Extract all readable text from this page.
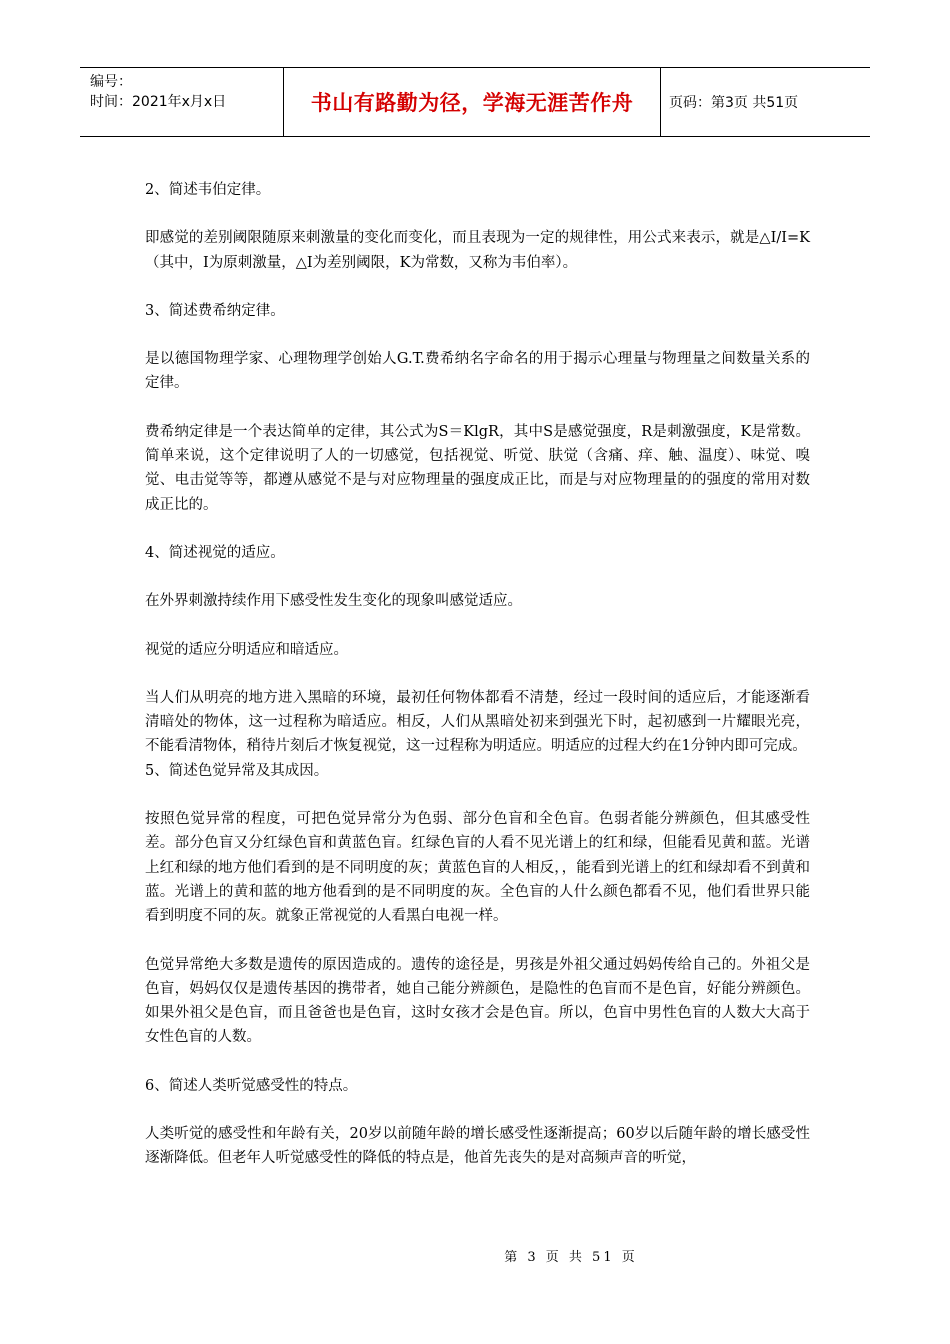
编号：
时间：2021年x月x日	书山有路勤为径，学海无涯苦作舟	页码：第3页 共51页

2、简述韦伯定律。

即感觉的差别阈限随原来刺激量的变化而变化，而且表现为一定的规律性，用公式来表示，就是△I/I=K（其中，I为原刺激量，△I为差别阈限，K为常数，又称为韦伯率）。

3、简述费希纳定律。

是以德国物理学家、心理物理学创始人G.T.费希纳名字命名的用于揭示心理量与物理量之间数量关系的定律。

费希纳定律是一个表达简单的定律，其公式为S＝KlgR，其中S是感觉强度，R是刺激强度，K是常数。简单来说，这个定律说明了人的一切感觉，包括视觉、听觉、肤觉（含痛、痒、触、温度）、味觉、嗅觉、电击觉等等，都遵从感觉不是与对应物理量的强度成正比，而是与对应物理量的的强度的常用对数成正比的。

4、简述视觉的适应。

在外界刺激持续作用下感受性发生变化的现象叫感觉适应。

视觉的适应分明适应和暗适应。

当人们从明亮的地方进入黑暗的环境，最初任何物体都看不清楚，经过一段时间的适应后，才能逐渐看清暗处的物体，这一过程称为暗适应。相反，人们从黑暗处初来到强光下时，起初感到一片耀眼光亮，不能看清物体，稍待片刻后才恢复视觉，这一过程称为明适应。明适应的过程大约在1分钟内即可完成。

5、简述色觉异常及其成因。

按照色觉异常的程度，可把色觉异常分为色弱、部分色盲和全色盲。色弱者能分辨颜色，但其感受性差。部分色盲又分红绿色盲和黄蓝色盲。红绿色盲的人看不见光谱上的红和绿，但能看见黄和蓝。光谱上红和绿的地方他们看到的是不同明度的灰；黄蓝色盲的人相反，，能看到光谱上的红和绿却看不到黄和蓝。光谱上的黄和蓝的地方他看到的是不同明度的灰。全色盲的人什么颜色都看不见，他们看世界只能看到明度不同的灰。就象正常视觉的人看黑白电视一样。

色觉异常绝大多数是遗传的原因造成的。遗传的途径是，男孩是外祖父通过妈妈传给自己的。外祖父是色盲，妈妈仅仅是遗传基因的携带者，她自己能分辨颜色，是隐性的色盲而不是色盲，好能分辨颜色。如果外祖父是色盲，而且爸爸也是色盲，这时女孩才会是色盲。所以，色盲中男性色盲的人数大大高于女性色盲的人数。

6、简述人类听觉感受性的特点。

人类听觉的感受性和年龄有关，20岁以前随年龄的增长感受性逐渐提高；60岁以后随年龄的增长感受性逐渐降低。但老年人听觉感受性的降低的特点是，他首先丧失的是对高频声音的听觉，

第 3 页 共 51 页
